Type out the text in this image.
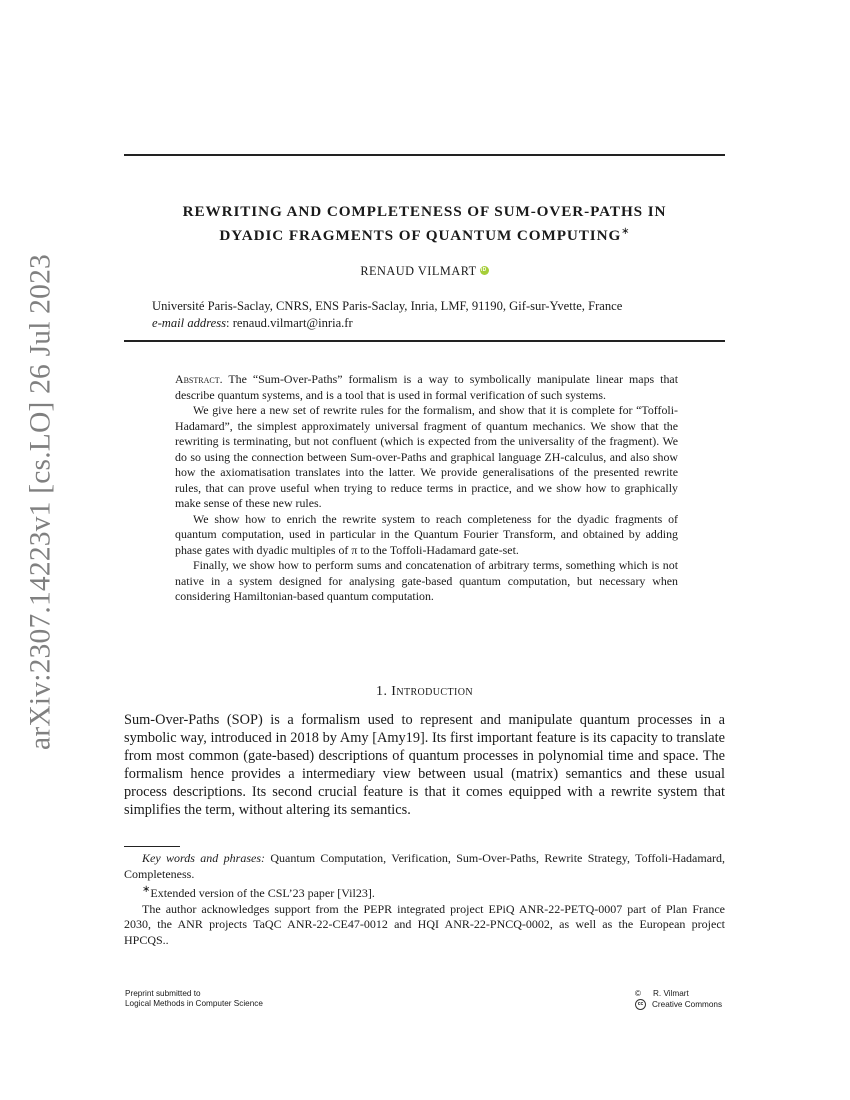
arXiv:2307.14223v1 [cs.LO] 26 Jul 2023
REWRITING AND COMPLETENESS OF SUM-OVER-PATHS IN
DYADIC FRAGMENTS OF QUANTUM COMPUTING∗
RENAUD VILMARTiD
Université Paris-Saclay, CNRS, ENS Paris-Saclay, Inria, LMF, 91190, Gif-sur-Yvette, France
e-mail address: renaud.vilmart@inria.fr

Abstract. The “Sum-Over-Paths” formalism is a way to symbolically manipulate linear maps that describe quantum systems, and is a tool that is used in formal verification of such systems.

We give here a new set of rewrite rules for the formalism, and show that it is complete for “Toffoli-Hadamard”, the simplest approximately universal fragment of quantum mechanics. We show that the rewriting is terminating, but not confluent (which is expected from the universality of the fragment). We do so using the connection between Sum-over-Paths and graphical language ZH-calculus, and also show how the axiomatisation translates into the latter. We provide generalisations of the presented rewrite rules, that can prove useful when trying to reduce terms in practice, and we show how to graphically make sense of these new rules.

We show how to enrich the rewrite system to reach completeness for the dyadic fragments of quantum computation, used in particular in the Quantum Fourier Transform, and obtained by adding phase gates with dyadic multiples of π to the Toffoli-Hadamard gate-set.

Finally, we show how to perform sums and concatenation of arbitrary terms, something which is not native in a system designed for analysing gate-based quantum computation, but necessary when considering Hamiltonian-based quantum computation.

1. Introduction

Sum-Over-Paths (SOP) is a formalism used to represent and manipulate quantum processes in a symbolic way, introduced in 2018 by Amy [Amy19]. Its first important feature is its capacity to translate from most common (gate-based) descriptions of quantum processes in polynomial time and space. The formalism hence provides a intermediary view between usual (matrix) semantics and these usual process descriptions. Its second crucial feature is that it comes equipped with a rewrite system that simplifies the term, without altering its semantics.

Key words and phrases: Quantum Computation, Verification, Sum-Over-Paths, Rewrite Strategy, Toffoli-Hadamard, Completeness.

∗Extended version of the CSL’23 paper [Vil23].

The author acknowledges support from the PEPR integrated project EPiQ ANR-22-PETQ-0007 part of Plan France 2030, the ANR projects TaQC ANR-22-CE47-0012 and HQI ANR-22-PNCQ-0002, as well as the European project HPCQS..

Preprint submitted to
Logical Methods in Computer Science
©	R. Vilmart
cc	Creative Commons
